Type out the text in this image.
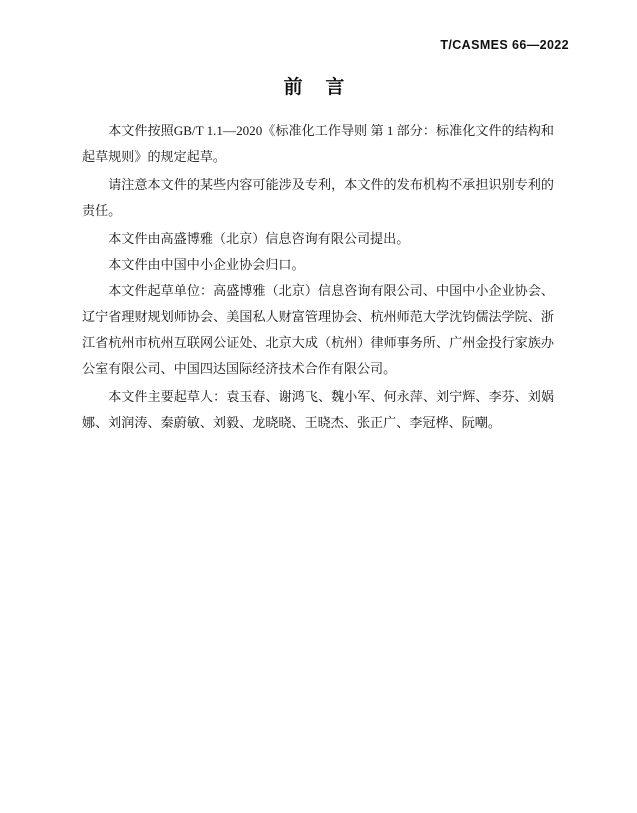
T/CASMES 66—2022
前 言

本文件按照GB/T 1.1—2020《标准化工作导则 第 1 部分：标准化文件的结构和起草规则》的规定起草。

请注意本文件的某些内容可能涉及专利，本文件的发布机构不承担识别专利的责任。

本文件由高盛博雅（北京）信息咨询有限公司提出。

本文件由中国中小企业协会归口。

本文件起草单位：高盛博雅（北京）信息咨询有限公司、中国中小企业协会、辽宁省理财规划师协会、美国私人财富管理协会、杭州师范大学沈钧儒法学院、浙江省杭州市杭州互联网公证处、北京大成（杭州）律师事务所、广州金投行家族办公室有限公司、中国四达国际经济技术合作有限公司。

本文件主要起草人：袁玉春、谢鸿飞、魏小军、何永萍、刘宁辉、李芬、刘娲娜、刘润涛、秦蔚敏、刘毅、龙晓晓、王晓杰、张正广、李冠桦、阮嘲。
